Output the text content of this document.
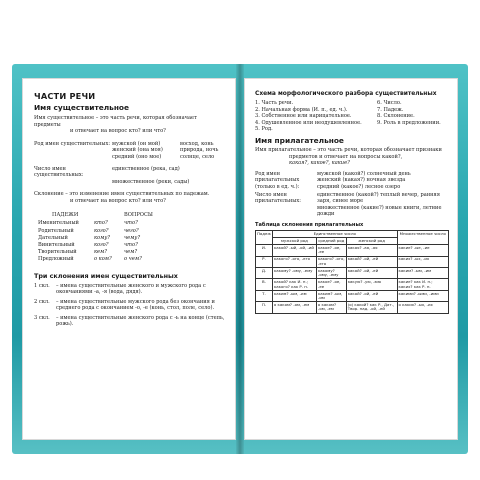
ЧАСТИ РЕЧИ
Имя существительное
Имя существительное – это часть речи, которая обозначает предметы
и отвечает на вопрос кто? или что?
Род имен существительных: мужской (он мой)	восход, конь
женский (она моя)	природа, ночь
средний (оно мое)	солнце, село
Число имен существительных:
единственное (река, сад)
множественное (реки, сады)
Склонение – это изменение имен существительных по падежам.
и отвечает на вопрос кто? или что?
ПАДЕЖИ	ВОПРОСЫ
Именительный	кто?	что?
Родительный	кого?	чего?
Дательный	кому?	чему?
Винительный	кого?	что?
Творительный	кем?	чем?
Предложный	о ком?	о чем?
Три склонения имен существительных
1 скл.	– имена существительные женского и мужского рода с окончаниями -а, -я (вода, дядя).
2 скл.	– имена существительные мужского рода без окончания и среднего рода с окончанием -о, -е (конь, стол, поле, село).
3 скл.	– имена существительные женского рода с -ь на конце (степь, рожь).
Схема морфологического разбора существительных
1. Часть речи.
2. Начальная форма (И. п., ед. ч.).
3. Собственное или нарицательное.
4. Одушевленное или неодушевленное.
5. Род.
6. Число.
7. Падеж.
8. Склонение.
9. Роль в предложении.
Имя прилагательное
Имя прилагательное – это часть речи, которая обозначает признаки
предметов и отвечает на вопросы какой?,
какая?, какое?, какие?
Род имен прилагательных (только в ед. ч.):
мужской (какой?) солнечный день
женский (какая?) ночная звезда
средний (какое?) лесное озеро
Число имен прилагательных:
единственное (какой?) теплый вечер, ранняя заря, синее море
множественное (какие?) новые книги, летние дожди
Таблица склонения прилагательных
Падеж	Единственное число			Множественное число
	мужской род	средний род	женский род	
И.	какой? -ый, -ой, -ий	какое? -ое, -ее	какая? -ая, -яя	какие? -ые, -ие
Р.	какого? -ого, -его	какого? -ого, -его	какой? -ой, -ей	каких? -ых, -их
Д.	какому? -ому, -ему	какому? -ому, -ему	какой? -ой, -ей	каким? -ым, -им
В.	какой? как И. п.; какого? как Р. п.	какое? -ое, -ее	какую? -ую, -юю	какие? как И. п.; каких? как Р. п.
Т.	каким? -ым, -им	каким? -ым, -им	какой? -ой, -ей	какими? -ыми, -ими
П.	о каком? -ом, -ем	о каком? -ом, -ем	(о) какой? как Р., Дат., Твор. пад. -ой, -ей	о каких? -ых, -их
